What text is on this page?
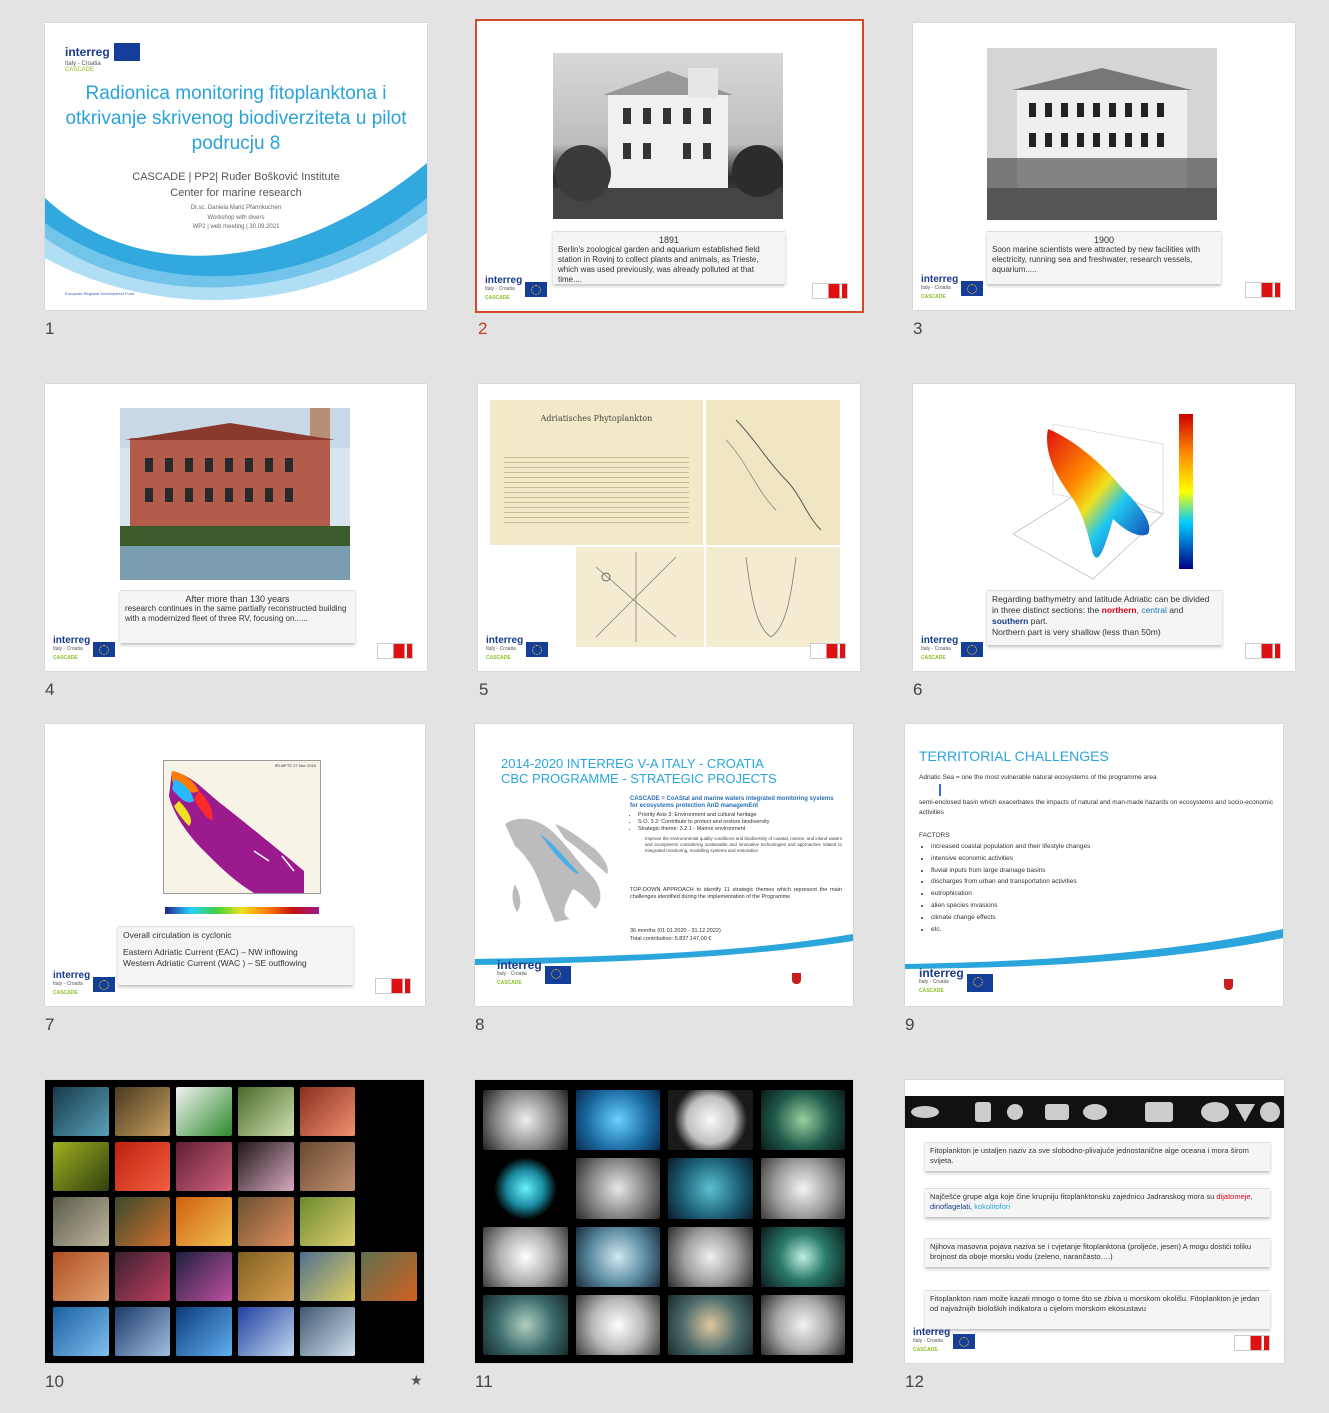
interreg
Italy - Croatia
CASCADE
Radionica monitoring fitoplanktona i otkrivanje skrivenog biodiverziteta u pilot podrucju 8
CASCADE | PP2| Ruđer Bošković Institute
Center for marine research
Dr.sc. Daniela Marić Pfannkuchen
Workshop with divers
WP2 | web meeting | 30.09.2021
European Regional Development Fund
1
1891
Berlin's zoological garden and aquarium established field station in Rovinj to collect plants and animals, as Trieste, which was used previously, was already polluted at that time....
interreg
Italy - Croatia
CASCADE
2
1900
Soon marine scientists were attracted by new facilities with electricity, running sea and freshwater, research vessels, aquarium.....
interreg
Italy - Croatia
CASCADE
3
After more than 130 years
research continues in the same partially reconstructed building with a modernized fleet of three RV, focusing on......
interreg
Italy - Croatia
CASCADE
4
Adriatisches Phytoplankton
interreg
Italy - Croatia
CASCADE
5
Regarding bathymetry and latitude Adriatic can be divided in three distinct sections: the northern, central and southern part.
Northern part is very shallow (less than 50m)
interreg
Italy - Croatia
CASCADE
6
IRI-MFTC 27 Nov 2015
Overall circulation is cyclonic
Eastern Adriatic Current (EAC) – NW inflowing
Western Adriatic Current (WAC ) – SE outflowing
interreg
Italy - Croatia
CASCADE
7
2014-2020 INTERREG V-A ITALY - CROATIA
CBC PROGRAMME - STRATEGIC PROJECTS
CASCADE = CoAStal and marine waters integrated monitoring systems for ecosystems protection AnD managemEnt
• Priority Axis 3: Environment and cultural heritage
• S.O. 3.2: Contribute to protect and restore biodiversity
• Strategic theme: 3.2.1 - Marine environment
Improve the environmental quality conditions and biodiversity of coastal, marine, and inland waters and ecosystems considering sustainable and innovative technologies and approaches related to integrated monitoring, modelling systems and restoration
TOP-DOWN APPROACH to identify 11 strategic themes which represent the main challenges identified during the implementation of the Programme
36 months (01.01.2020 - 31.12.2022)
Total contribution: 5.837.147,00 €
interreg
Italy - Croatia
CASCADE
8
TERRITORIAL CHALLENGES
Adriatic Sea = one the most vulnerable natural ecosystems of the programme area
semi-enclosed basin which exacerbates the impacts of natural and man-made hazards on ecosystems and socio-economic activities
FACTORS
• increased coastal population and their lifestyle changes
• intensive economic activities
• fluvial inputs from large drainage basins
• discharges from urban and transportation activities
• eutrophication
• alien species invasions
• climate change effects
• etc.
interreg
Italy - Croatia
CASCADE
9
10	★	11
Fitoplankton je ustaljen naziv za sve slobodno-plivajuće jednostanične alge oceana i mora širom svijeta.
Najčešće grupe alga koje čine krupniju fitoplanktonsku zajednicu Jadranskog mora su dijatomeje, dinoflagelati, kokolitofori
Njihova masovna pojava naziva se i cvjetanje fitoplanktona (proljeće, jesen) A mogu dostići toliku brojnost da oboje morsku vodu (zeleno, narančasto….)
Fitoplankton nam može kazati mnogo o tome što se zbiva u morskom okolišu. Fitoplankton je jedan od najvažnijih bioloških indikatora u cijelom morskom ekosustavu
interreg
Italy - Croatia
CASCADE
12
